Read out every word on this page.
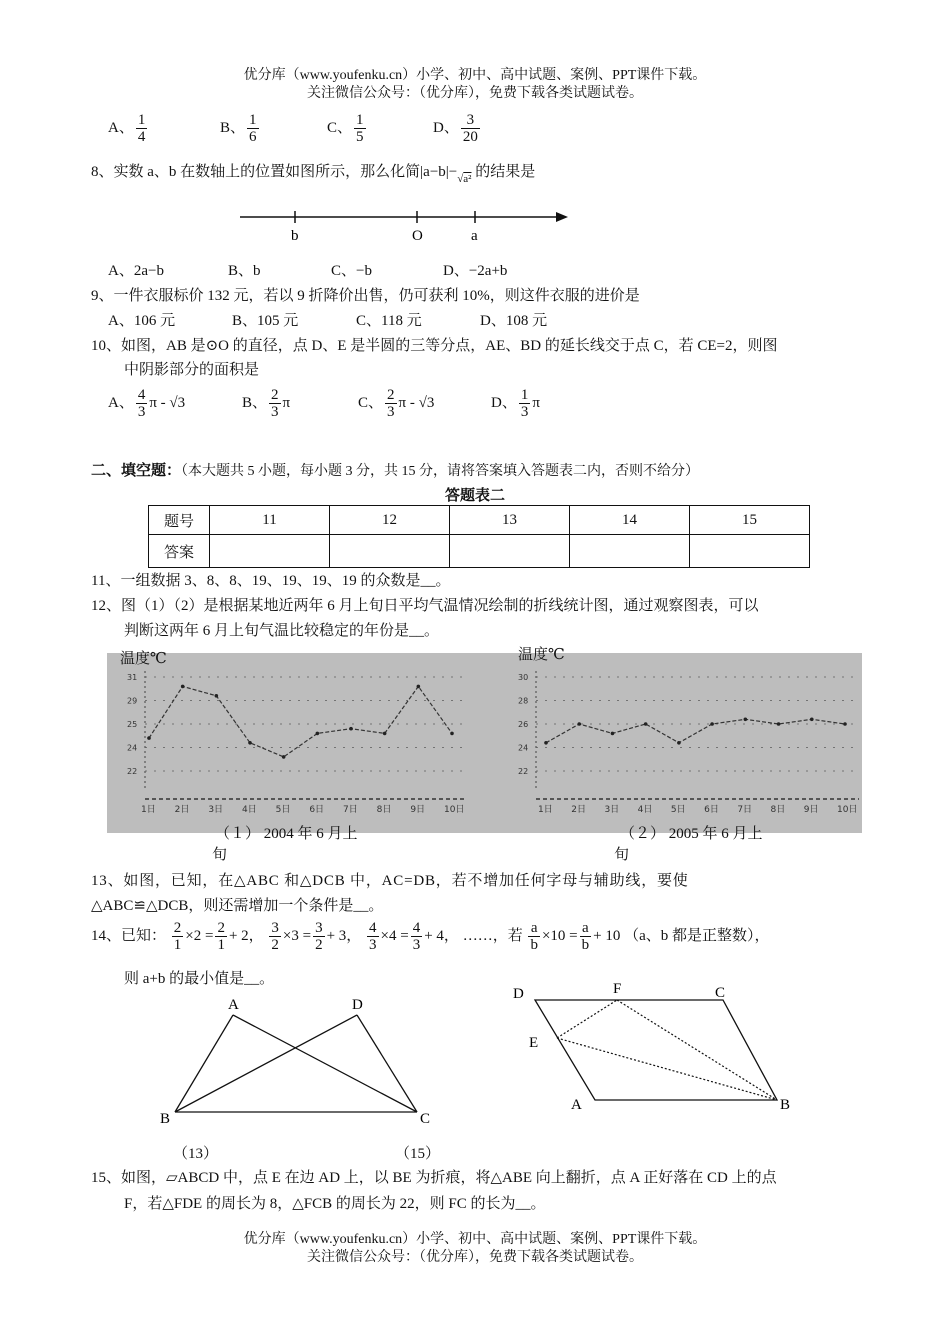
优分库（www.youfenku.cn）小学、初中、高中试题、案例、PPT课件下载。
关注微信公众号：（优分库），免费下载各类试题试卷。
A、 $\frac{1}{4}$	B、 $\frac{1}{6}$	C、 $\frac{1}{5}$	D、 $\frac{3}{20}$
8、实数 a、b 在数轴上的位置如图所示，那么化简$|a-b|-_{√a^2}$ 的结果是
b	O	a
A、2a−b	B、b	C、−b	D、−2a+b
9、一件衣服标价 132 元，若以 9 折降价出售，仍可获利 10%，则这件衣服的进价是
A、106 元	B、105 元	C、118 元	D、108 元
10、如图，AB 是⊙O 的直径，点 D、E 是半圆的三等分点，AE、BD 的延长线交于点 C，若 CE=2，则图
中阴影部分的面积是
A、 $\frac{4}{3}$ π - √3	B、 $\frac{2}{3}$ π	C、 $\frac{2}{3}$ π - √3	D、 $\frac{1}{3}$ π
二、填空题：（本大题共 5 小题，每小题 3 分，共 15 分，请将答案填入答题表二内，否则不给分）
答题表二
题号	11	12	13	14	15
答案					
11、一组数据 3、8、8、19、19、19、19 的众数是__。
12、图（1）（2）是根据某地近两年 6 月上旬日平均气温情况绘制的折线统计图，通过观察图表，可以
判断这两年 6 月上旬气温比较稳定的年份是__。
温度℃	温度℃
31
29
25
24
22
1日 2日 3日 4日 5日 6日 7日 8日 9日 10日
30
28
26
24
22
1日 2日 3日 4日 5日 6日 7日 8日 9日 10日
（１） 2004 年 6 月上
旬
（２） 2005 年 6 月上
旬
13、如图，已知，在△ABC 和△DCB 中，AC=DB，若不增加任何字母与辅助线，要使
△ABC≌△DCB，则还需增加一个条件是__。
14、已知： $\frac{2}{1} \times 2 = \frac{2}{1} + 2$， $\frac{3}{2} \times 3 = \frac{3}{2} + 3$， $\frac{4}{3} \times 4 = \frac{4}{3} + 4$， ……，若 $\frac{a}{b} \times 10 = \frac{a}{b} + 10$ （a、b 都是正整数），
则 a+b 的最小值是__。
A	D
B	C
（13）	（15）
D	F	C
E
A	B
15、如图，▱ABCD 中，点 E 在边 AD 上，以 BE 为折痕，将△ABE 向上翻折，点 A 正好落在 CD 上的点
F，若△FDE 的周长为 8，△FCB 的周长为 22，则 FC 的长为__。
优分库（www.youfenku.cn）小学、初中、高中试题、案例、PPT课件下载。
关注微信公众号：（优分库），免费下载各类试题试卷。
